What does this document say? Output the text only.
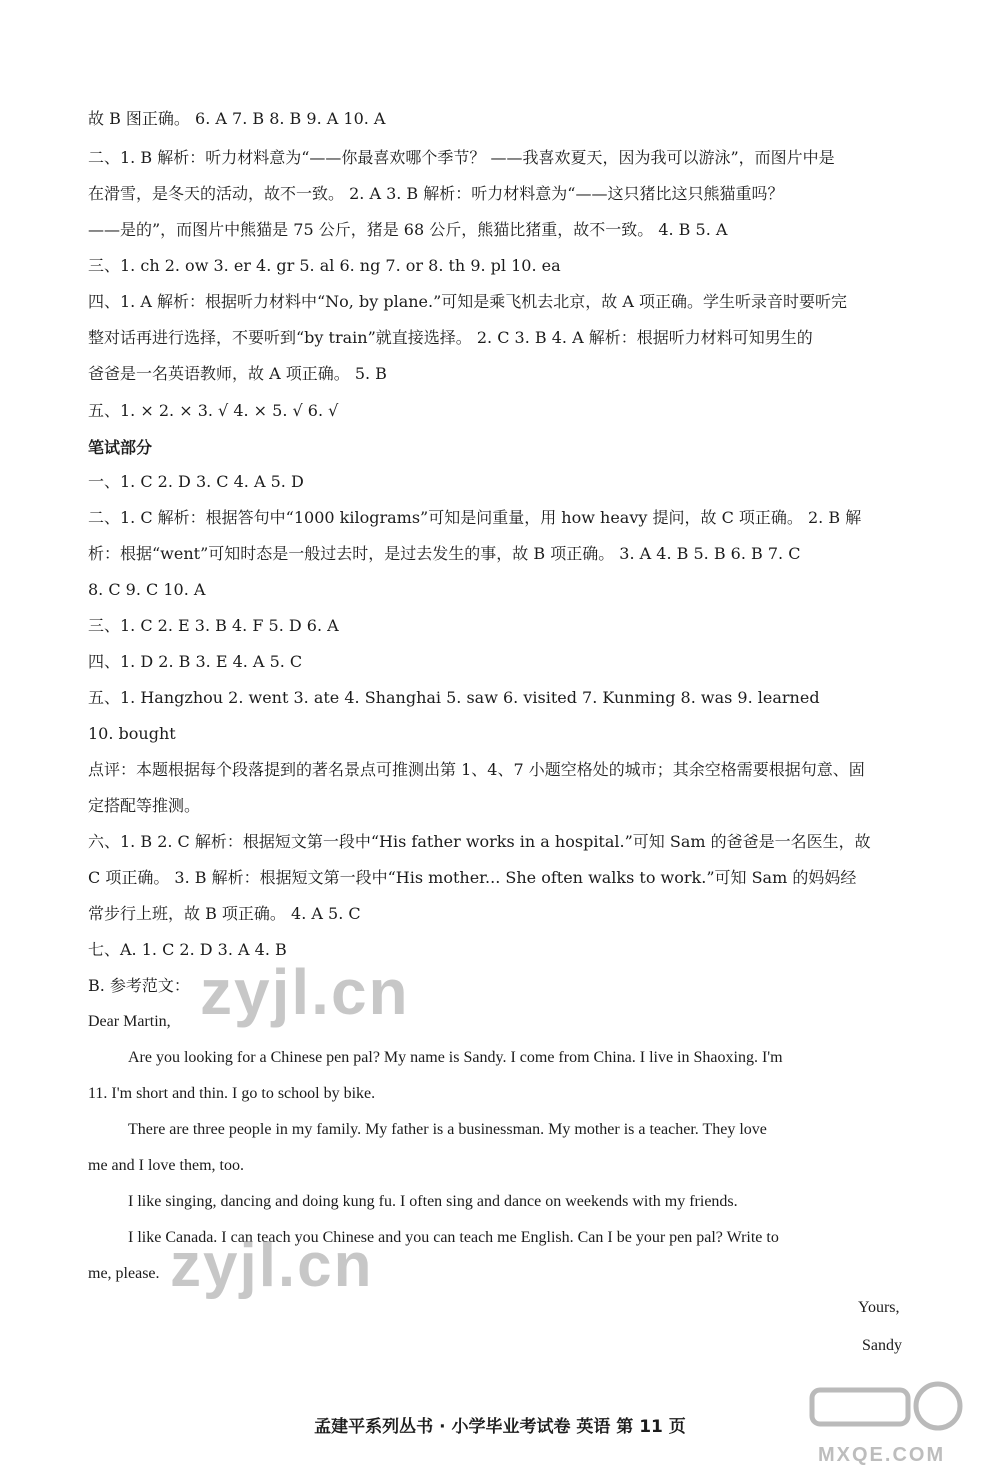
故 B 图正确。 6. A 7. B 8. B 9. A 10. A
二、1. B 解析：听力材料意为“——你最喜欢哪个季节？ ——我喜欢夏天，因为我可以游泳”，而图片中是
在滑雪，是冬天的活动，故不一致。 2. A 3. B 解析：听力材料意为“——这只猪比这只熊猫重吗？
——是的”，而图片中熊猫是 75 公斤，猪是 68 公斤，熊猫比猪重，故不一致。 4. B 5. A
三、1. ch 2. ow 3. er 4. gr 5. al 6. ng 7. or 8. th 9. pl 10. ea
四、1. A 解析：根据听力材料中“No, by plane.”可知是乘飞机去北京，故 A 项正确。学生听录音时要听完
整对话再进行选择，不要听到“by train”就直接选择。 2. C 3. B 4. A 解析：根据听力材料可知男生的
爸爸是一名英语教师，故 A 项正确。 5. B
五、1. × 2. × 3. √ 4. × 5. √ 6. √
笔试部分
一、1. C 2. D 3. C 4. A 5. D
二、1. C 解析：根据答句中“1000 kilograms”可知是问重量，用 how heavy 提问，故 C 项正确。 2. B 解
析：根据“went”可知时态是一般过去时，是过去发生的事，故 B 项正确。 3. A 4. B 5. B 6. B 7. C
8. C 9. C 10. A
三、1. C 2. E 3. B 4. F 5. D 6. A
四、1. D 2. B 3. E 4. A 5. C
五、1. Hangzhou 2. went 3. ate 4. Shanghai 5. saw 6. visited 7. Kunming 8. was 9. learned
10. bought
点评：本题根据每个段落提到的著名景点可推测出第 1、4、7 小题空格处的城市；其余空格需要根据句意、固
定搭配等推测。
六、1. B 2. C 解析：根据短文第一段中“His father works in a hospital.”可知 Sam 的爸爸是一名医生，故
C 项正确。 3. B 解析：根据短文第一段中“His mother... She often walks to work.”可知 Sam 的妈妈经
常步行上班，故 B 项正确。 4. A 5. C
七、A. 1. C 2. D 3. A 4. B
B. 参考范文：
Dear Martin,
Are you looking for a Chinese pen pal? My name is Sandy. I come from China. I live in Shaoxing. I'm
11. I'm short and thin. I go to school by bike.
There are three people in my family. My father is a businessman. My mother is a teacher. They love
me and I love them, too.
I like singing, dancing and doing kung fu. I often sing and dance on weekends with my friends.
I like Canada. I can teach you Chinese and you can teach me English. Can I be your pen pal? Write to
me, please.
Yours,
Sandy
zyjl.cn
zyjl.cn
MXQE.COM
孟建平系列丛书 · 小学毕业考试卷 英语 第 11 页
